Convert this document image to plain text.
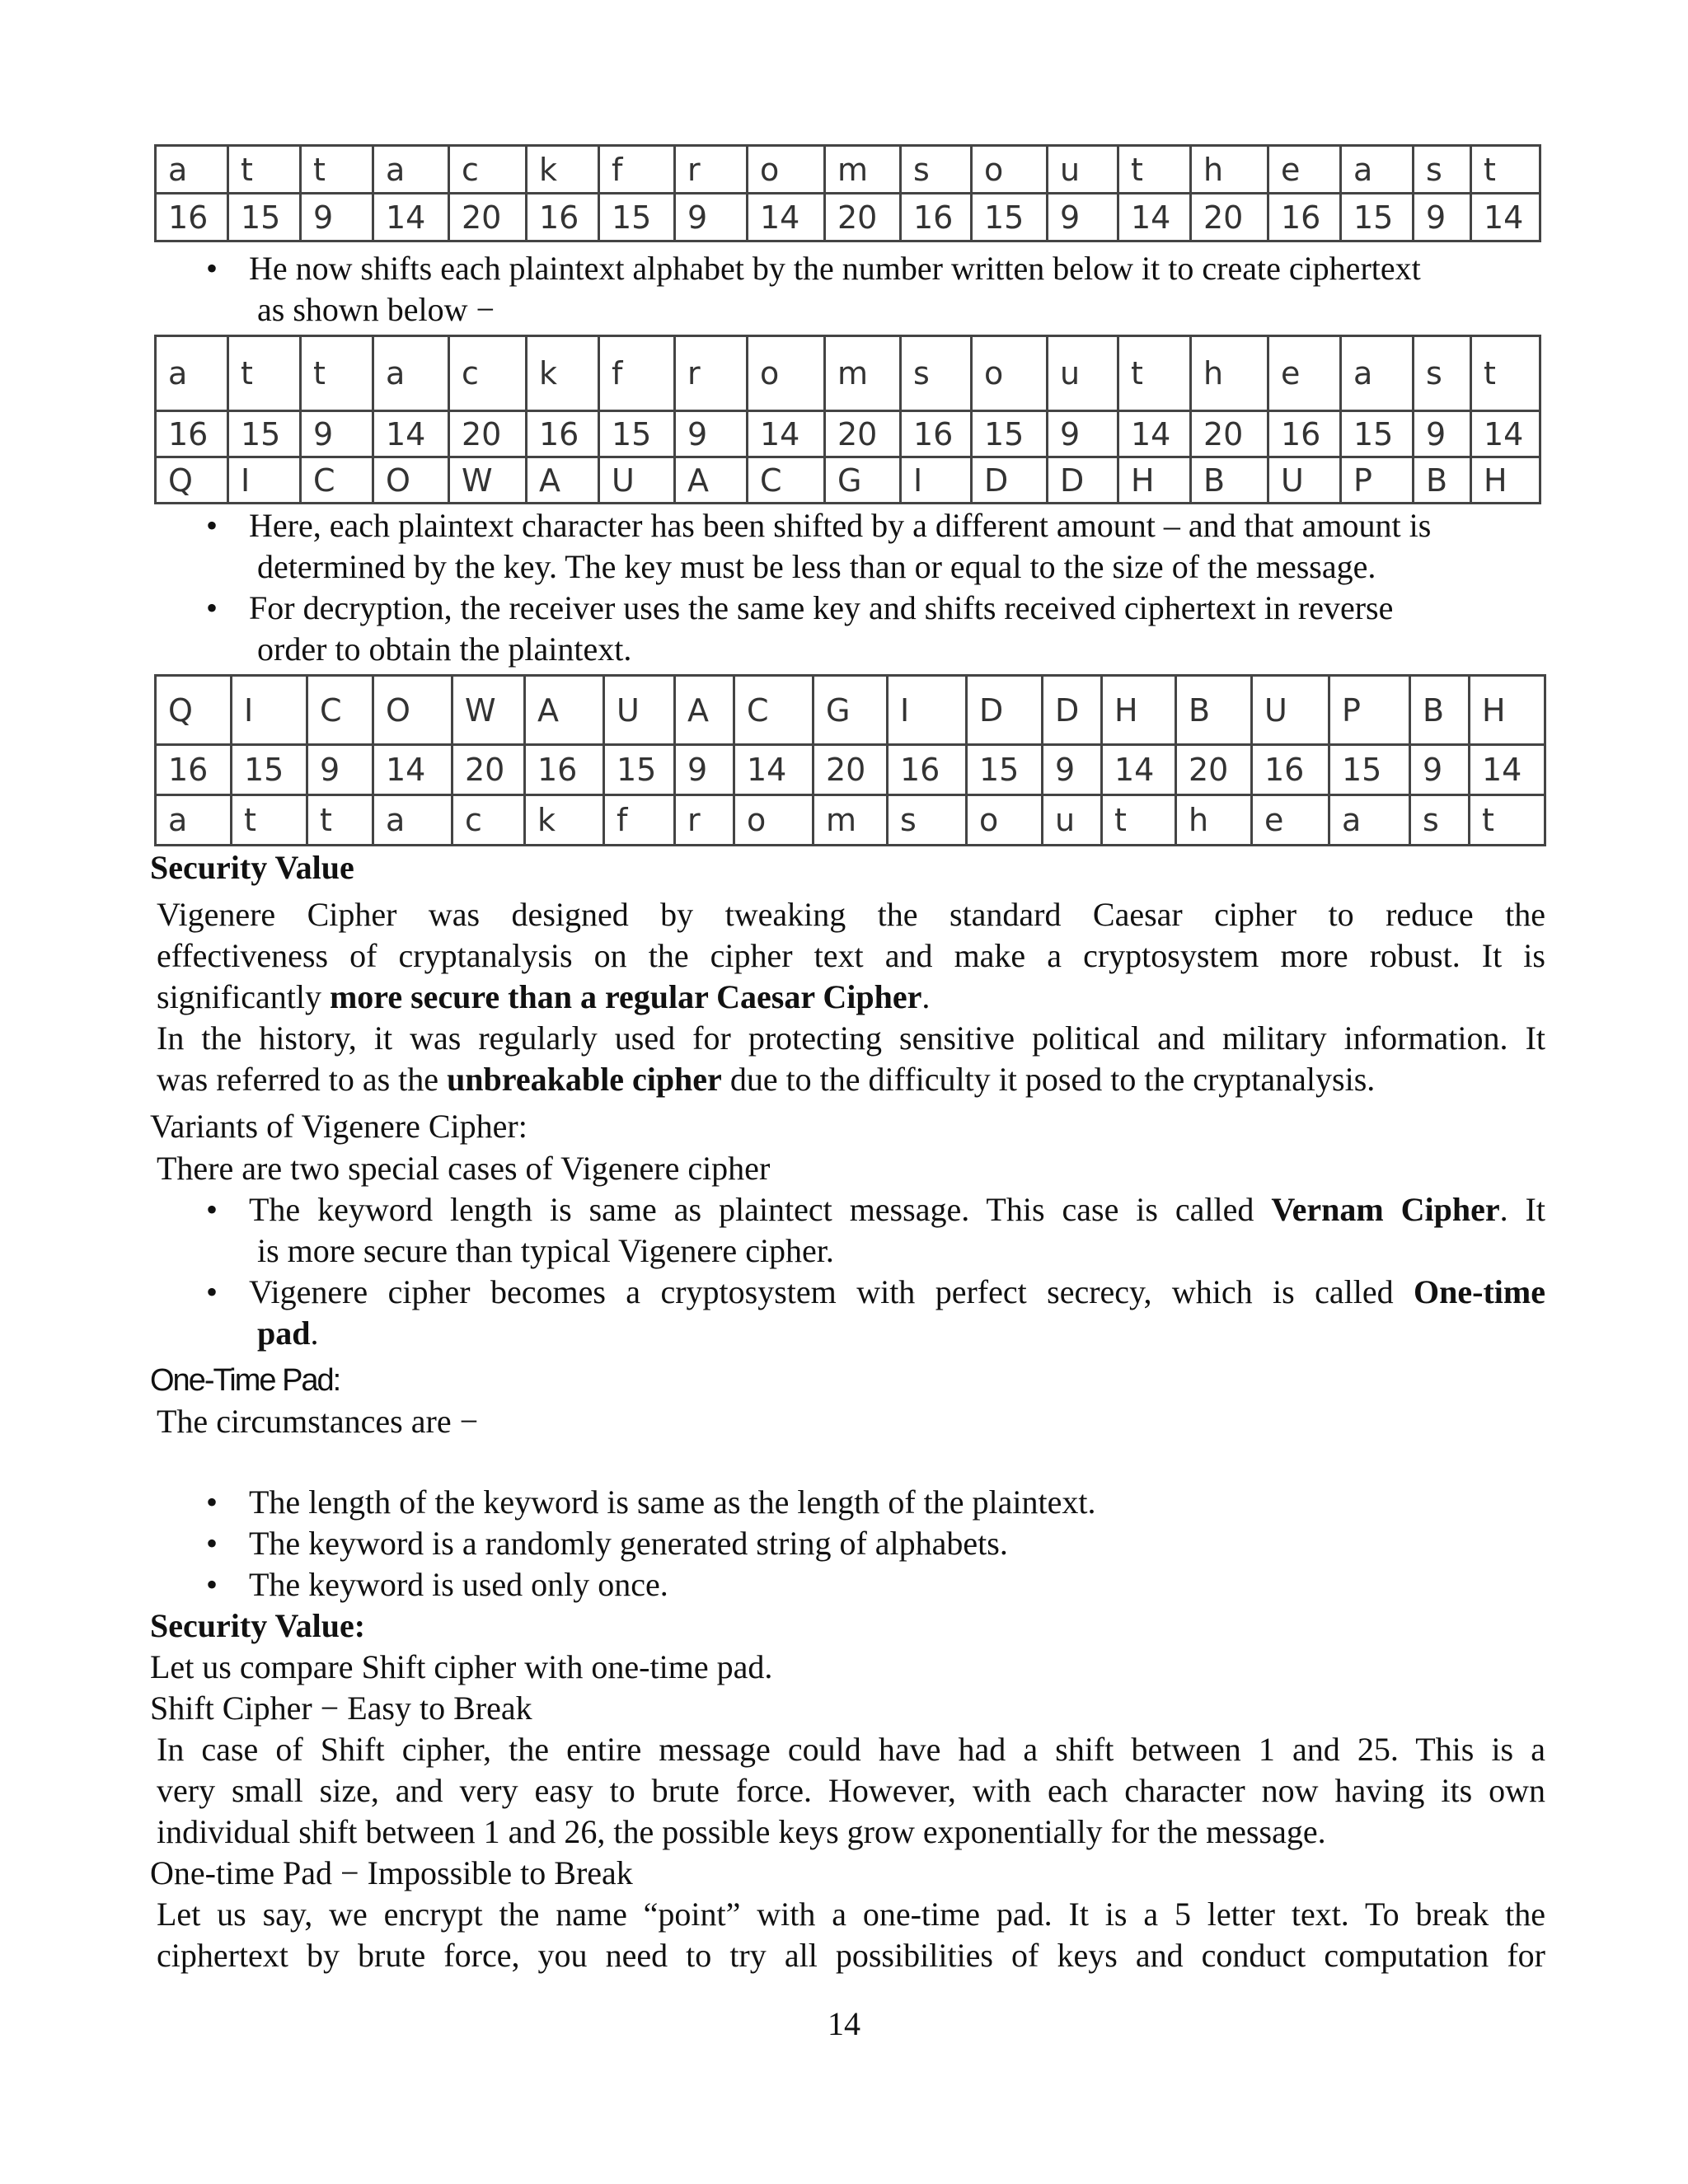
a	t	t	a	c	k	f	r	o	m	s	o	u	t	h	e	a	s	t
16	15	9	14	20	16	15	9	14	20	16	15	9	14	20	16	15	9	14
• He now shifts each plaintext alphabet by the number written below it to create ciphertext

as shown below −
a	t	t	a	c	k	f	r	o	m	s	o	u	t	h	e	a	s	t
16	15	9	14	20	16	15	9	14	20	16	15	9	14	20	16	15	9	14
Q	I	C	O	W	A	U	A	C	G	I	D	D	H	B	U	P	B	H
• Here, each plaintext character has been shifted by a different amount – and that amount is

determined by the key. The key must be less than or equal to the size of the message.
• For decryption, the receiver uses the same key and shifts received ciphertext in reverse

order to obtain the plaintext.
Q	I	C	O	W	A	U	A	C	G	I	D	D	H	B	U	P	B	H
16	15	9	14	20	16	15	9	14	20	16	15	9	14	20	16	15	9	14
a	t	t	a	c	k	f	r	o	m	s	o	u	t	h	e	a	s	t
Security Value
Vigenere Cipher was designed by tweaking the standard Caesar cipher to reduce the
effectiveness of cryptanalysis on the cipher text and make a cryptosystem more robust. It is
significantly more secure than a regular Caesar Cipher.
In the history, it was regularly used for protecting sensitive political and military information. It
was referred to as the unbreakable cipher due to the difficulty it posed to the cryptanalysis.
Variants of Vigenere Cipher:
There are two special cases of Vigenere cipher
• The keyword length is same as plaintect message. This case is called Vernam Cipher. It
is more secure than typical Vigenere cipher.
• Vigenere cipher becomes a cryptosystem with perfect secrecy, which is called One-time
pad.
One-Time Pad:
The circumstances are −
• The length of the keyword is same as the length of the plaintext.
• The keyword is a randomly generated string of alphabets.
• The keyword is used only once.
Security Value:
Let us compare Shift cipher with one-time pad.
Shift Cipher − Easy to Break
In case of Shift cipher, the entire message could have had a shift between 1 and 25. This is a
very small size, and very easy to brute force. However, with each character now having its own
individual shift between 1 and 26, the possible keys grow exponentially for the message.
One-time Pad − Impossible to Break
Let us say, we encrypt the name “point” with a one-time pad. It is a 5 letter text. To break the
ciphertext by brute force, you need to try all possibilities of keys and conduct computation for
14
